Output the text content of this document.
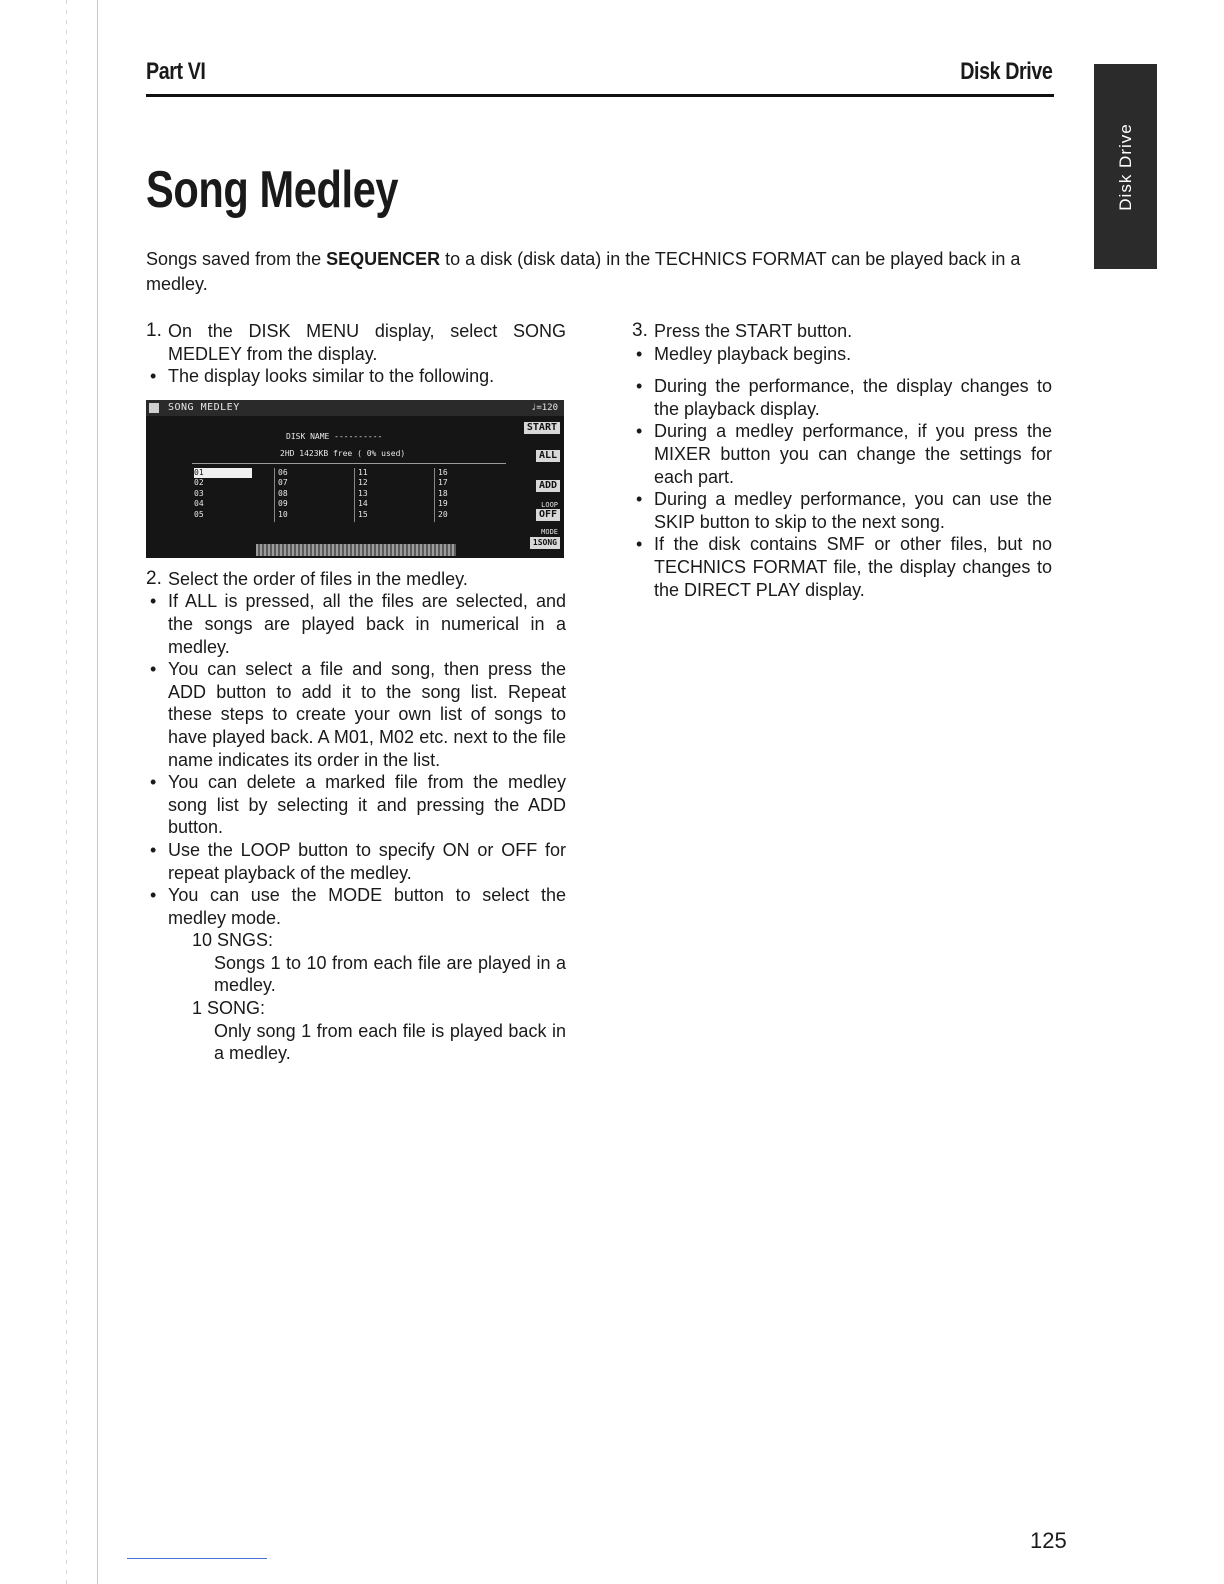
Part VI	Disk Drive
Disk Drive
Song Medley
Songs saved from the SEQUENCER to a disk (disk data) in the TECHNICS FORMAT can be played back in a medley.
1. On the DISK MENU display, select SONG MEDLEY from the display.
• The display looks similar to the following.
SONG MEDLEY	♩=120
DISK NAME ----------
2HD 1423KB free ( 0% used)
01
02
03
04
05
06
07
08
09
10
11
12
13
14
15
16
17
18
19
20
START
ALL
ADD
LOOP
OFF
MODE
1SONG
2. Select the order of files in the medley.
• If ALL is pressed, all the files are selected, and the songs are played back in numerical in a medley.
• You can select a file and song, then press the ADD button to add it to the song list. Repeat these steps to create your own list of songs to have played back. A M01, M02 etc. next to the file name indicates its order in the list.
• You can delete a marked file from the medley song list by selecting it and pressing the ADD button.
• Use the LOOP button to specify ON or OFF for repeat playback of the medley.
• You can use the MODE button to select the medley mode.
10 SNGS:
Songs 1 to 10 from each file are played in a medley.
1 SONG:
Only song 1 from each file is played back in a medley.
3. Press the START button.
• Medley playback begins.
• During the performance, the display changes to the playback display.
• During a medley performance, if you press the MIXER button you can change the settings for each part.
• During a medley performance, you can use the SKIP button to skip to the next song.
• If the disk contains SMF or other files, but no TECHNICS FORMAT file, the display changes to the DIRECT PLAY display.
125
